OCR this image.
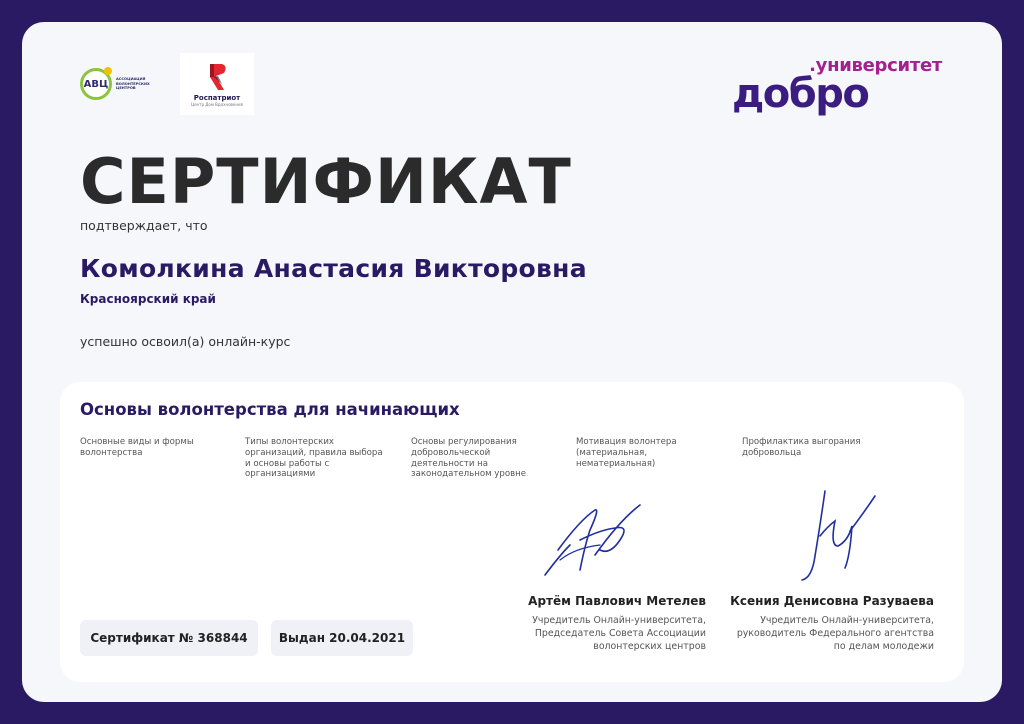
АВЦ	АССОЦИАЦИЯ ВОЛОНТЕРСКИХ ЦЕНТРОВ
Роспатриот
Центр Дом Вдохновения
.университет
добро
СЕРТИФИКАТ
подтверждает, что
Комолкина Анастасия Викторовна
Красноярский край
успешно освоил(а) онлайн-курс
Основы волонтерства для начинающих
Основные виды и формы волонтерства
Типы волонтерских организаций, правила выбора и основы работы с организациями
Основы регулирования добровольческой деятельности на законодательном уровне
Мотивация волонтера (материальная, нематериальная)
Профилактика выгорания добровольца
Артём Павлович Метелев
Учредитель Онлайн-университета,
Председатель Совета Ассоциации
волонтерских центров
Ксения Денисовна Разуваева
Учредитель Онлайн-университета,
руководитель Федерального агентства
по делам молодежи
Сертификат № 368844	Выдан 20.04.2021
